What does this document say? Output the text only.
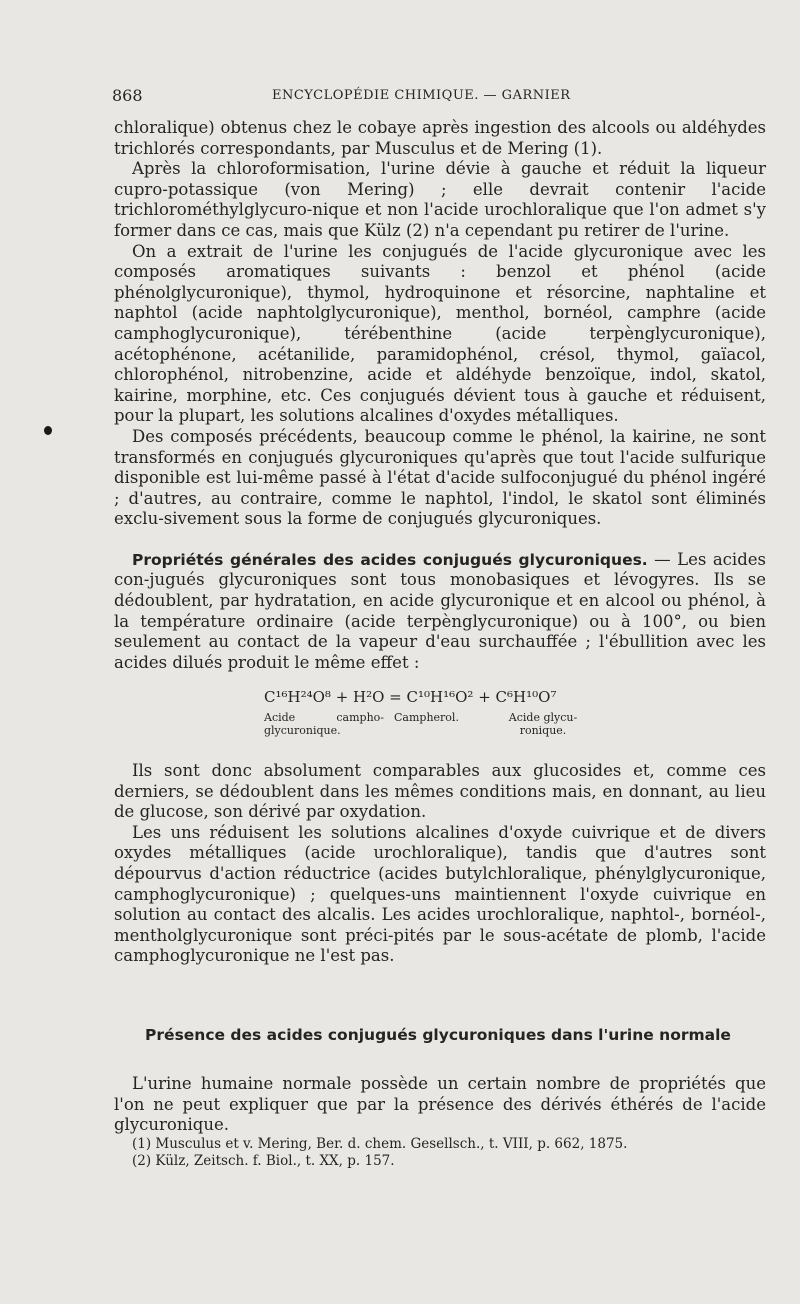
868	ENCYCLOPÉDIE CHIMIQUE. — GARNIER

chloralique) obtenus chez le cobaye après ingestion des alcools ou aldéhydes trichlorés correspondants, par Musculus et de Mering (1).

Après la chloroformisation, l'urine dévie à gauche et réduit la liqueur cupro-potassique (von Mering) ; elle devrait contenir l'acide trichlorométhylglycuro-nique et non l'acide urochloralique que l'on admet s'y former dans ce cas, mais que Külz (2) n'a cependant pu retirer de l'urine.

On a extrait de l'urine les conjugués de l'acide glycuronique avec les composés aromatiques suivants : benzol et phénol (acide phénolglycuronique), thymol, hydroquinone et résorcine, naphtaline et naphtol (acide naphtolglycuronique), menthol, bornéol, camphre (acide camphoglycuronique), térébenthine (acide terpènglycuronique), acétophénone, acétanilide, paramidophénol, crésol, thymol, gaïacol, chlorophénol, nitrobenzine, acide et aldéhyde benzoïque, indol, skatol, kairine, morphine, etc. Ces conjugués dévient tous à gauche et réduisent, pour la plupart, les solutions alcalines d'oxydes métalliques.

Des composés précédents, beaucoup comme le phénol, la kairine, ne sont transformés en conjugués glycuroniques qu'après que tout l'acide sulfurique disponible est lui-même passé à l'état d'acide sulfoconjugué du phénol ingéré ; d'autres, au contraire, comme le naphtol, l'indol, le skatol sont éliminés exclu-sivement sous la forme de conjugués glycuroniques.

Propriétés générales des acides conjugués glycuroniques. — Les acides con-jugués glycuroniques sont tous monobasiques et lévogyres. Ils se dédoublent, par hydratation, en acide glycuronique et en alcool ou phénol, à la température ordinaire (acide terpènglycuronique) ou à 100°, ou bien seulement au contact de la vapeur d'eau surchauffée ; l'ébullition avec les acides dilués produit le même effet :

C¹⁶H²⁴O⁸ + H²O = C¹⁰H¹⁶O² + C⁶H¹⁰O⁷
Acide campho-glycuronique.
Campherol.	Acide glycu-ronique.

Ils sont donc absolument comparables aux glucosides et, comme ces derniers, se dédoublent dans les mêmes conditions mais, en donnant, au lieu de glucose, son dérivé par oxydation.

Les uns réduisent les solutions alcalines d'oxyde cuivrique et de divers oxydes métalliques (acide urochloralique), tandis que d'autres sont dépourvus d'action réductrice (acides butylchloralique, phénylglycuronique, camphoglycuronique) ; quelques-uns maintiennent l'oxyde cuivrique en solution au contact des alcalis. Les acides urochloralique, naphtol-, bornéol-, mentholglycuronique sont préci-pités par le sous-acétate de plomb, l'acide camphoglycuronique ne l'est pas.

Présence des acides conjugués glycuroniques dans l'urine normale

L'urine humaine normale possède un certain nombre de propriétés que l'on ne peut expliquer que par la présence des dérivés éthérés de l'acide glycuronique.

(1) Musculus et v. Mering, Ber. d. chem. Gesellsch., t. VIII, p. 662, 1875.
(2) Külz, Zeitsch. f. Biol., t. XX, p. 157.
